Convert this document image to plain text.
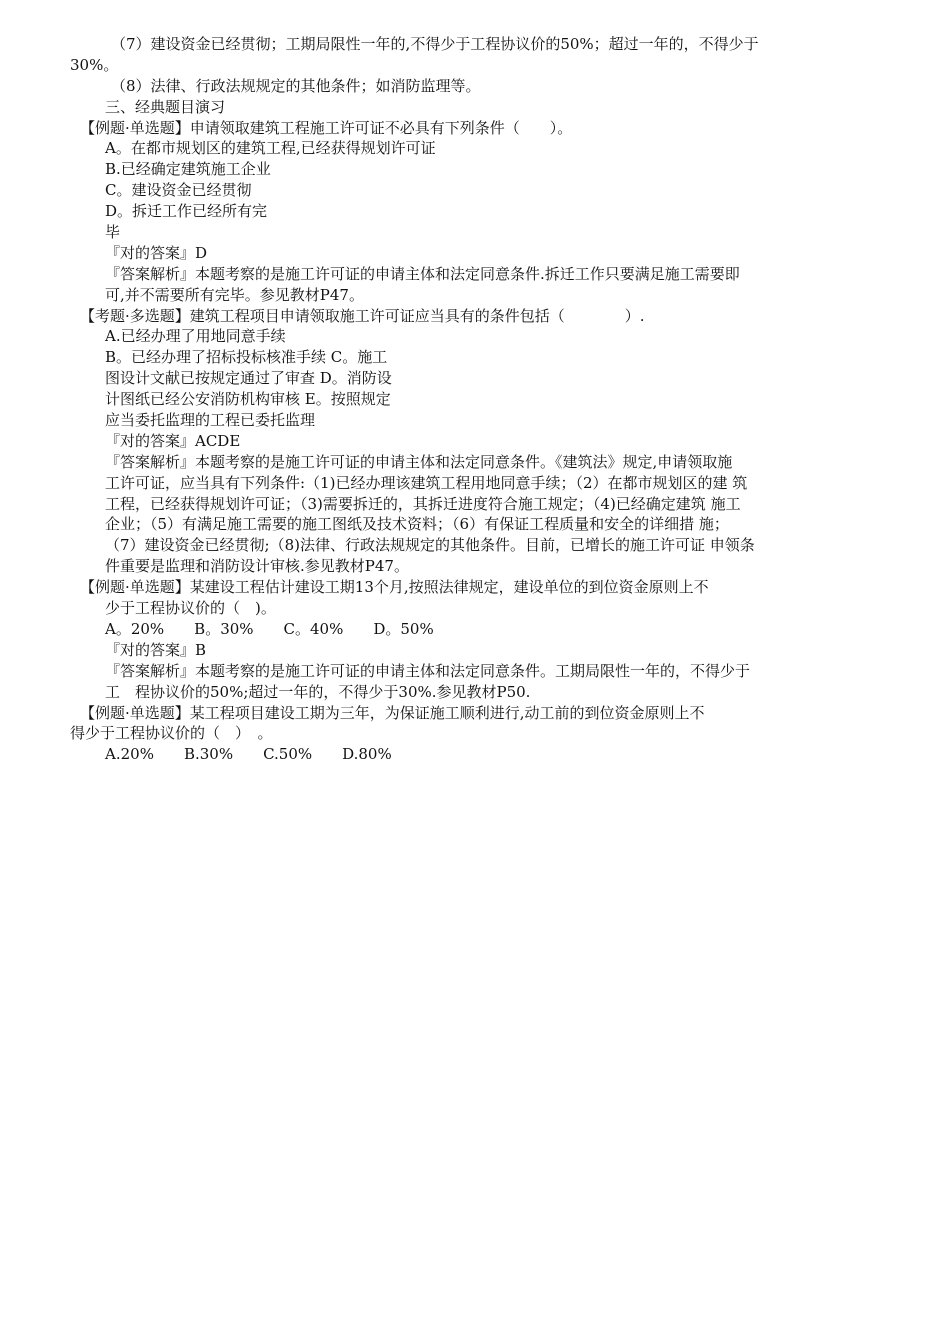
（7）建设资金已经贯彻；工期局限性一年的,不得少于工程协议价的50%；超过一年的，不得少于
30%。
（8）法律、行政法规规定的其他条件；如消防监理等。
三、经典题目演习
【例题·单选题】申请领取建筑工程施工许可证不必具有下列条件（　　）。
A。在都市规划区的建筑工程,已经获得规划许可证
B.已经确定建筑施工企业
C。建设资金已经贯彻
D。拆迁工作已经所有完
毕
『对的答案』D
『答案解析』本题考察的是施工许可证的申请主体和法定同意条件.拆迁工作只要满足施工需要即
可,并不需要所有完毕。参见教材P47。
【考题·多选题】建筑工程项目申请领取施工许可证应当具有的条件包括（　　　　）.
A.已经办理了用地同意手续
B。已经办理了招标投标核准手续 C。施工
图设计文献已按规定通过了审查 D。消防设
计图纸已经公安消防机构审核 E。按照规定
应当委托监理的工程已委托监理
『对的答案』ACDE
『答案解析』本题考察的是施工许可证的申请主体和法定同意条件。《建筑法》规定,申请领取施
工许可证，应当具有下列条件:（1)已经办理该建筑工程用地同意手续；（2）在都市规划区的建 筑
工程，已经获得规划许可证；（3)需要拆迁的，其拆迁进度符合施工规定；（4)已经确定建筑 施工
企业；（5）有满足施工需要的施工图纸及技术资料；（6）有保证工程质量和安全的详细措 施；
（7）建设资金已经贯彻;（8)法律、行政法规规定的其他条件。目前，已增长的施工许可证 申领条
件重要是监理和消防设计审核.参见教材P47。
【例题·单选题】某建设工程估计建设工期13个月,按照法律规定，建设单位的到位资金原则上不
少于工程协议价的（　)。
A。20%　　B。30%　　C。40%　　D。50%
『对的答案』B
『答案解析』本题考察的是施工许可证的申请主体和法定同意条件。工期局限性一年的，不得少于
工　程协议价的50%;超过一年的，不得少于30%.参见教材P50.
【例题·单选题】某工程项目建设工期为三年，为保证施工顺利进行,动工前的到位资金原则上不
得少于工程协议价的（　）　。
A.20%　　B.30%　　C.50%　　D.80%
